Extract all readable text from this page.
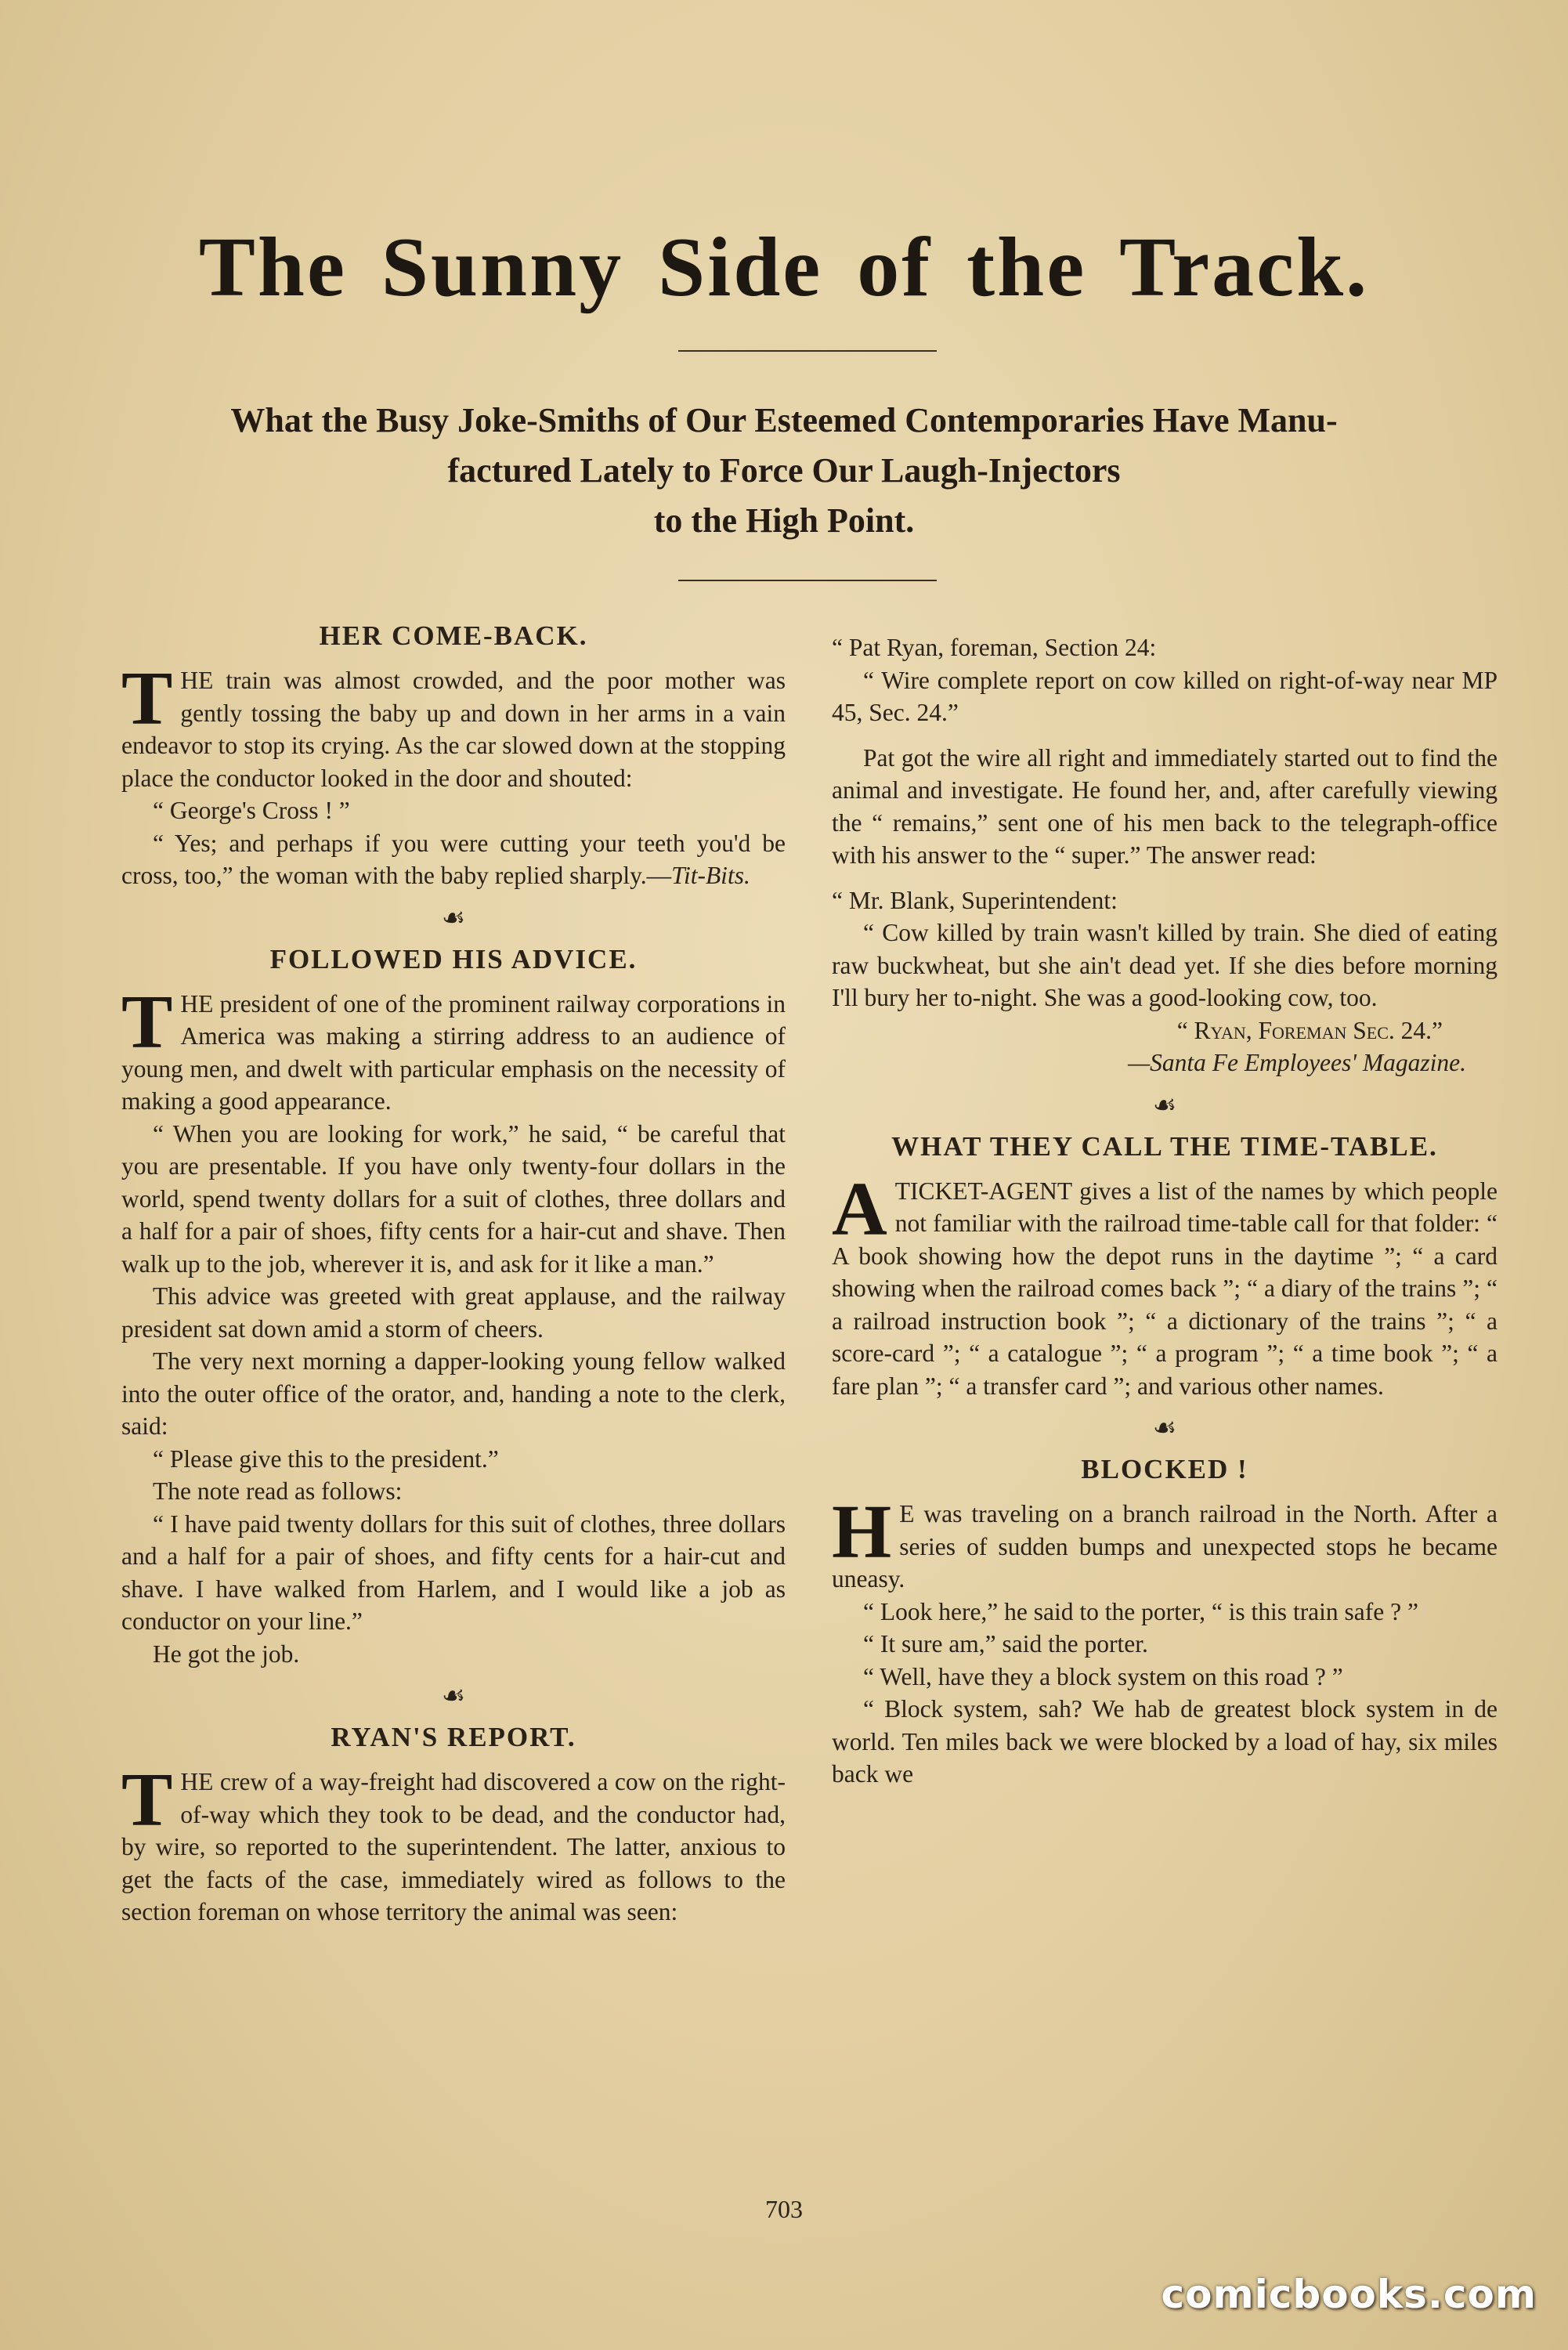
The Sunny Side of the Track.
What the Busy Joke-Smiths of Our Esteemed Contemporaries Have Manu-
factured Lately to Force Our Laugh-Injectors
to the High Point.
HER COME-BACK.

THE train was almost crowded, and the poor mother was gently tossing the baby up and down in her arms in a vain endeavor to stop its crying. As the car slowed down at the stopping place the conductor looked in the door and shouted:

“ George's Cross ! ”

“ Yes; and perhaps if you were cutting your teeth you'd be cross, too,” the woman with the baby replied sharply.—Tit-Bits.

☙
FOLLOWED HIS ADVICE.

THE president of one of the prominent railway corporations in America was making a stirring address to an audience of young men, and dwelt with particular emphasis on the necessity of making a good appearance.

“ When you are looking for work,” he said, “ be careful that you are presentable. If you have only twenty-four dollars in the world, spend twenty dollars for a suit of clothes, three dollars and a half for a pair of shoes, fifty cents for a hair-cut and shave. Then walk up to the job, wherever it is, and ask for it like a man.”

This advice was greeted with great applause, and the railway president sat down amid a storm of cheers.

The very next morning a dapper-looking young fellow walked into the outer office of the orator, and, handing a note to the clerk, said:

“ Please give this to the president.”

The note read as follows:

“ I have paid twenty dollars for this suit of clothes, three dollars and a half for a pair of shoes, and fifty cents for a hair-cut and shave. I have walked from Harlem, and I would like a job as conductor on your line.”

He got the job.

☙
RYAN'S REPORT.

THE crew of a way-freight had discovered a cow on the right-of-way which they took to be dead, and the conductor had, by wire, so reported to the superintendent. The latter, anxious to get the facts of the case, immediately wired as follows to the section foreman on whose territory the animal was seen:

“ Pat Ryan, foreman, Section 24:

“ Wire complete report on cow killed on right-of-way near MP 45, Sec. 24.”

Pat got the wire all right and immediately started out to find the animal and investigate. He found her, and, after carefully viewing the “ remains,” sent one of his men back to the telegraph-office with his answer to the “ super.” The answer read:

“ Mr. Blank, Superintendent:

“ Cow killed by train wasn't killed by train. She died of eating raw buckwheat, but she ain't dead yet. If she dies before morning I'll bury her to-night. She was a good-looking cow, too.

“ Ryan, Foreman Sec. 24.”
—Santa Fe Employees' Magazine.
☙
WHAT THEY CALL THE TIME-TABLE.

ATICKET-AGENT gives a list of the names by which people not familiar with the railroad time-table call for that folder: “ A book showing how the depot runs in the daytime ”; “ a card showing when the railroad comes back ”; “ a diary of the trains ”; “ a railroad instruction book ”; “ a dictionary of the trains ”; “ a score-card ”; “ a catalogue ”; “ a program ”; “ a time book ”; “ a fare plan ”; “ a transfer card ”; and various other names.

☙
BLOCKED !

H E was traveling on a branch railroad in the North. After a series of sudden bumps and unexpected stops he became uneasy.

“ Look here,” he said to the porter, “ is this train safe ? ”

“ It sure am,” said the porter.

“ Well, have they a block system on this road ? ”

“ Block system, sah? We hab de greatest block system in de world. Ten miles back we were blocked by a load of hay, six miles back we

703
comicbooks.com
